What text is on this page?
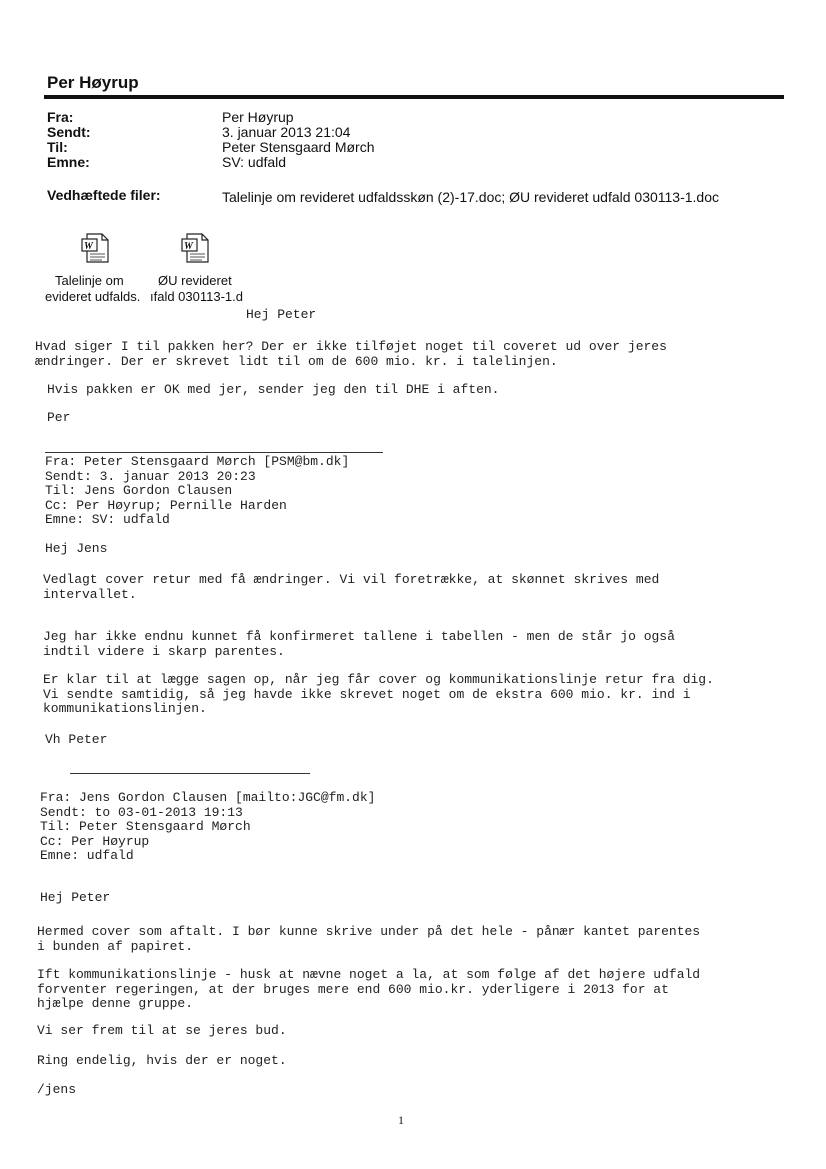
Per Høyrup
Fra:	Per Høyrup
Sendt:	3. januar 2013 21:04
Til:	Peter Stensgaard Mørch
Emne:	SV: udfald
Vedhæftede filer:	Talelinje om revideret udfaldsskøn (2)-17.doc; ØU revideret udfald 030113-1.doc
W	W
Talelinje om
evideret udfalds.
ØU revideret
ıfald 030113-1.d
Hej Peter
Hvad siger I til pakken her? Der er ikke tilføjet noget til coveret ud over jeres
ændringer. Der er skrevet lidt til om de 600 mio. kr. i talelinjen.
Hvis pakken er OK med jer, sender jeg den til DHE i aften.
Per
Fra: Peter Stensgaard Mørch [PSM@bm.dk]
Sendt: 3. januar 2013 20:23
Til: Jens Gordon Clausen
Cc: Per Høyrup; Pernille Harden
Emne: SV: udfald
Hej Jens
Vedlagt cover retur med få ændringer. Vi vil foretrække, at skønnet skrives med
intervallet.
Jeg har ikke endnu kunnet få konfirmeret tallene i tabellen - men de står jo også
indtil videre i skarp parentes.
Er klar til at lægge sagen op, når jeg får cover og kommunikationslinje retur fra dig.
Vi sendte samtidig, så jeg havde ikke skrevet noget om de ekstra 600 mio. kr. ind i
kommunikationslinjen.
Vh Peter
Fra: Jens Gordon Clausen [mailto:JGC@fm.dk]
Sendt: to 03-01-2013 19:13
Til: Peter Stensgaard Mørch
Cc: Per Høyrup
Emne: udfald
Hej Peter
Hermed cover som aftalt. I bør kunne skrive under på det hele - pånær kantet parentes
i bunden af papiret.
Ift kommunikationslinje - husk at nævne noget a la, at som følge af det højere udfald
forventer regeringen, at der bruges mere end 600 mio.kr. yderligere i 2013 for at
hjælpe denne gruppe.
Vi ser frem til at se jeres bud.
Ring endelig, hvis der er noget.
/jens
1
